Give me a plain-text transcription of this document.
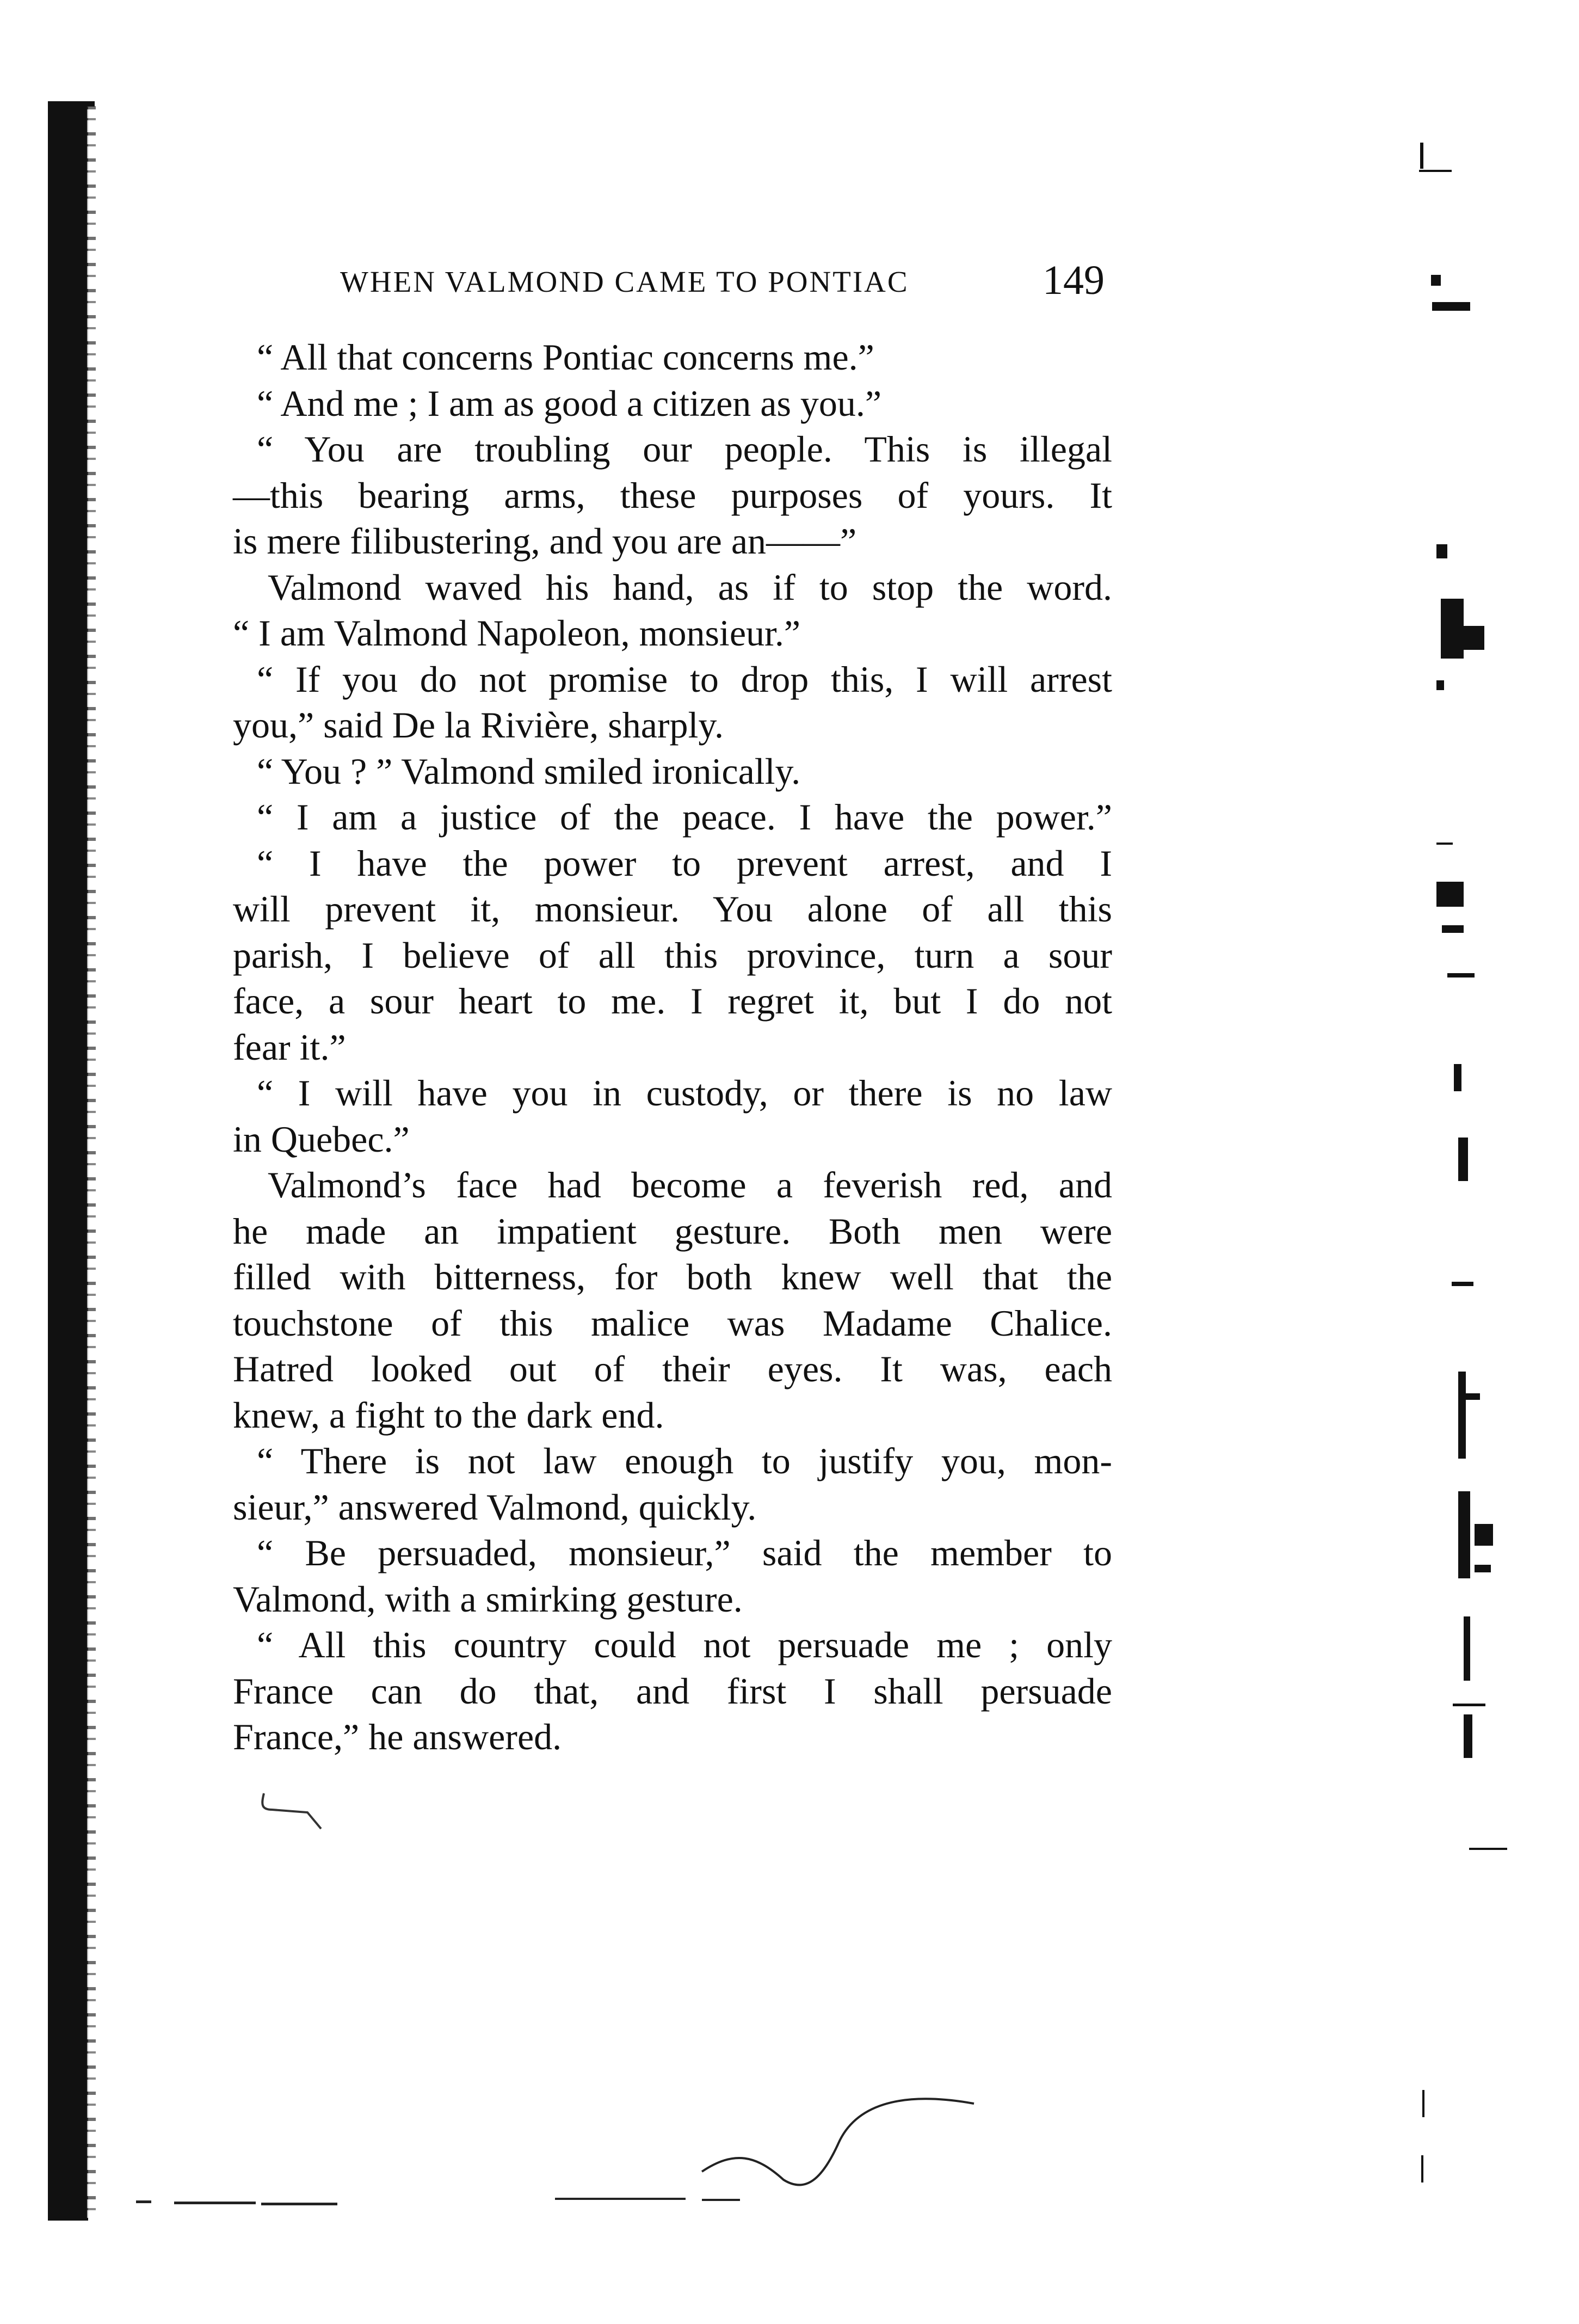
WHEN VALMOND CAME TO PONTIAC	149
“ All that concerns Pontiac concerns me.”
“ And me ; I am as good a citizen as you.”
“ You are troubling our people. This is illegal
—this bearing arms, these purposes of yours. It
is mere filibustering, and you are an——”
Valmond waved his hand, as if to stop the word.
“ I am Valmond Napoleon, monsieur.”
“ If you do not promise to drop this, I will arrest
you,” said De la Rivière, sharply.
“ You ? ” Valmond smiled ironically.
“ I am a justice of the peace. I have the power.”
“ I have the power to prevent arrest, and I
will prevent it, monsieur. You alone of all this
parish, I believe of all this province, turn a sour
face, a sour heart to me. I regret it, but I do not
fear it.”
“ I will have you in custody, or there is no law
in Quebec.”
Valmond’s face had become a feverish red, and
he made an impatient gesture. Both men were
filled with bitterness, for both knew well that the
touchstone of this malice was Madame Chalice.
Hatred looked out of their eyes. It was, each
knew, a fight to the dark end.
“ There is not law enough to justify you, mon-
sieur,” answered Valmond, quickly.
“ Be persuaded, monsieur,” said the member to
Valmond, with a smirking gesture.
“ All this country could not persuade me ; only
France can do that, and first I shall persuade
France,” he answered.
